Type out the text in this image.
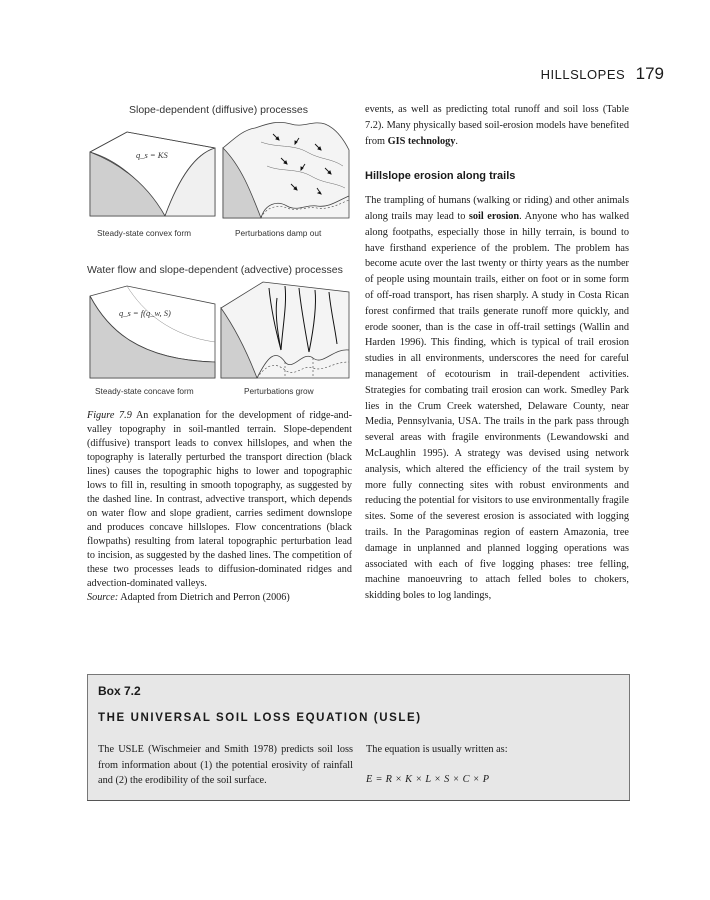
HILLSLOPES 179
Slope-dependent (diffusive) processes
q_s = KS
Steady-state convex form	Perturbations damp out
Water flow and slope-dependent (advective) processes
q_s = f(q_w, S)
Steady-state concave form	Perturbations grow
Figure 7.9 An explanation for the development of ridge-and-valley topography in soil-mantled terrain. Slope-dependent (diffusive) transport leads to convex hillslopes, and when the topography is laterally perturbed the transport direction (black lines) causes the topographic highs to lower and topographic lows to fill in, resulting in smooth topography, as suggested by the dashed line. In contrast, advective transport, which depends on water flow and slope gradient, carries sediment downslope and produces concave hillslopes. Flow concentrations (black flowpaths) resulting from lateral topographic perturbation lead to incision, as suggested by the dashed lines. The competition of these two processes leads to diffusion-dominated ridges and advection-dominated valleys.
Source: Adapted from Dietrich and Perron (2006)

events, as well as predicting total runoff and soil loss (Table 7.2). Many physically based soil-erosion models have benefited from GIS technology.

Hillslope erosion along trails

The trampling of humans (walking or riding) and other animals along trails may lead to soil erosion. Anyone who has walked along footpaths, especially those in hilly terrain, is bound to have firsthand experience of the problem. The problem has become acute over the last twenty or thirty years as the number of people using mountain trails, either on foot or in some form of off-road transport, has risen sharply. A study in Costa Rican forest confirmed that trails generate runoff more quickly, and erode sooner, than is the case in off-trail settings (Wallin and Harden 1996). This finding, which is typical of trail erosion studies in all environments, underscores the need for careful management of ecotourism in trail-dependent activities. Strategies for combating trail erosion can work. Smedley Park lies in the Crum Creek watershed, Delaware County, near Media, Pennsylvania, USA. The trails in the park pass through several areas with fragile environments (Lewandowski and McLaughlin 1995). A strategy was devised using network analysis, which altered the efficiency of the trail system by more fully connecting sites with robust environments and reducing the potential for visitors to use environmentally fragile sites. Some of the severest erosion is associated with logging trails. In the Paragominas region of eastern Amazonia, tree damage in unplanned and planned logging operations was associated with each of five logging phases: tree felling, machine manoeuvring to attach felled boles to chokers, skidding boles to log landings,

Box 7.2
THE UNIVERSAL SOIL LOSS EQUATION (USLE)
The USLE (Wischmeier and Smith 1978) predicts soil loss from information about (1) the potential erosivity of rainfall and (2) the erodibility of the soil surface.
The equation is usually written as:
E = R × K × L × S × C × P
